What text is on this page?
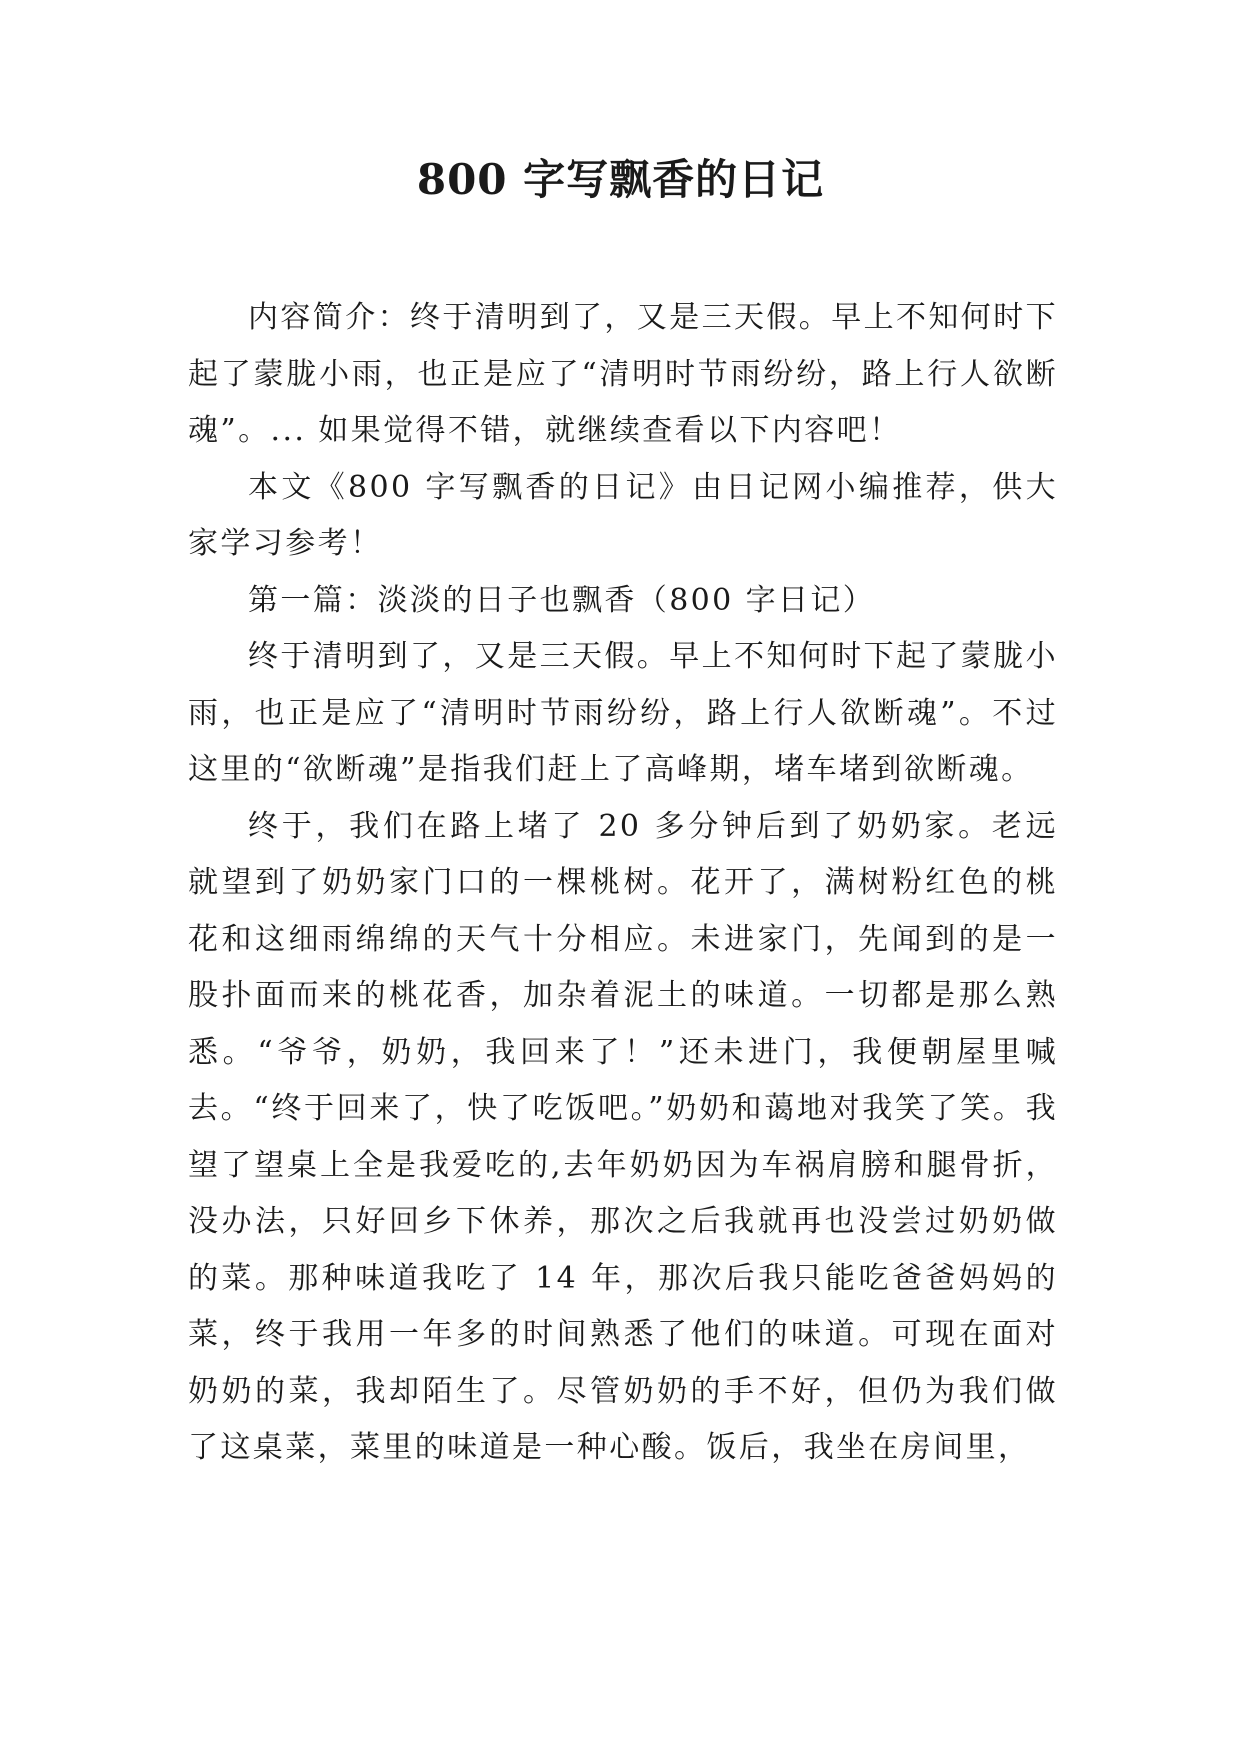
800 字写飘香的日记

内容简介：终于清明到了，又是三天假。早上不知何时下起了蒙胧小雨，也正是应了“清明时节雨纷纷，路上行人欲断魂”。... 如果觉得不错，就继续查看以下内容吧！

本文《800 字写飘香的日记》由日记网小编推荐，供大家学习参考！

第一篇：淡淡的日子也飘香（800 字日记）

终于清明到了，又是三天假。早上不知何时下起了蒙胧小雨，也正是应了“清明时节雨纷纷，路上行人欲断魂”。不过这里的“欲断魂”是指我们赶上了高峰期，堵车堵到欲断魂。

终于，我们在路上堵了 20 多分钟后到了奶奶家。老远就望到了奶奶家门口的一棵桃树。花开了，满树粉红色的桃花和这细雨绵绵的天气十分相应。未进家门，先闻到的是一股扑面而来的桃花香，加杂着泥土的味道。一切都是那么熟悉。“爷爷，奶奶，我回来了！”还未进门，我便朝屋里喊去。“终于回来了，快了吃饭吧。”奶奶和蔼地对我笑了笑。我望了望桌上全是我爱吃的,去年奶奶因为车祸肩膀和腿骨折，没办法，只好回乡下休养，那次之后我就再也没尝过奶奶做的菜。那种味道我吃了 14 年，那次后我只能吃爸爸妈妈的菜，终于我用一年多的时间熟悉了他们的味道。可现在面对奶奶的菜，我却陌生了。尽管奶奶的手不好，但仍为我们做了这桌菜，菜里的味道是一种心酸。饭后，我坐在房间里，
